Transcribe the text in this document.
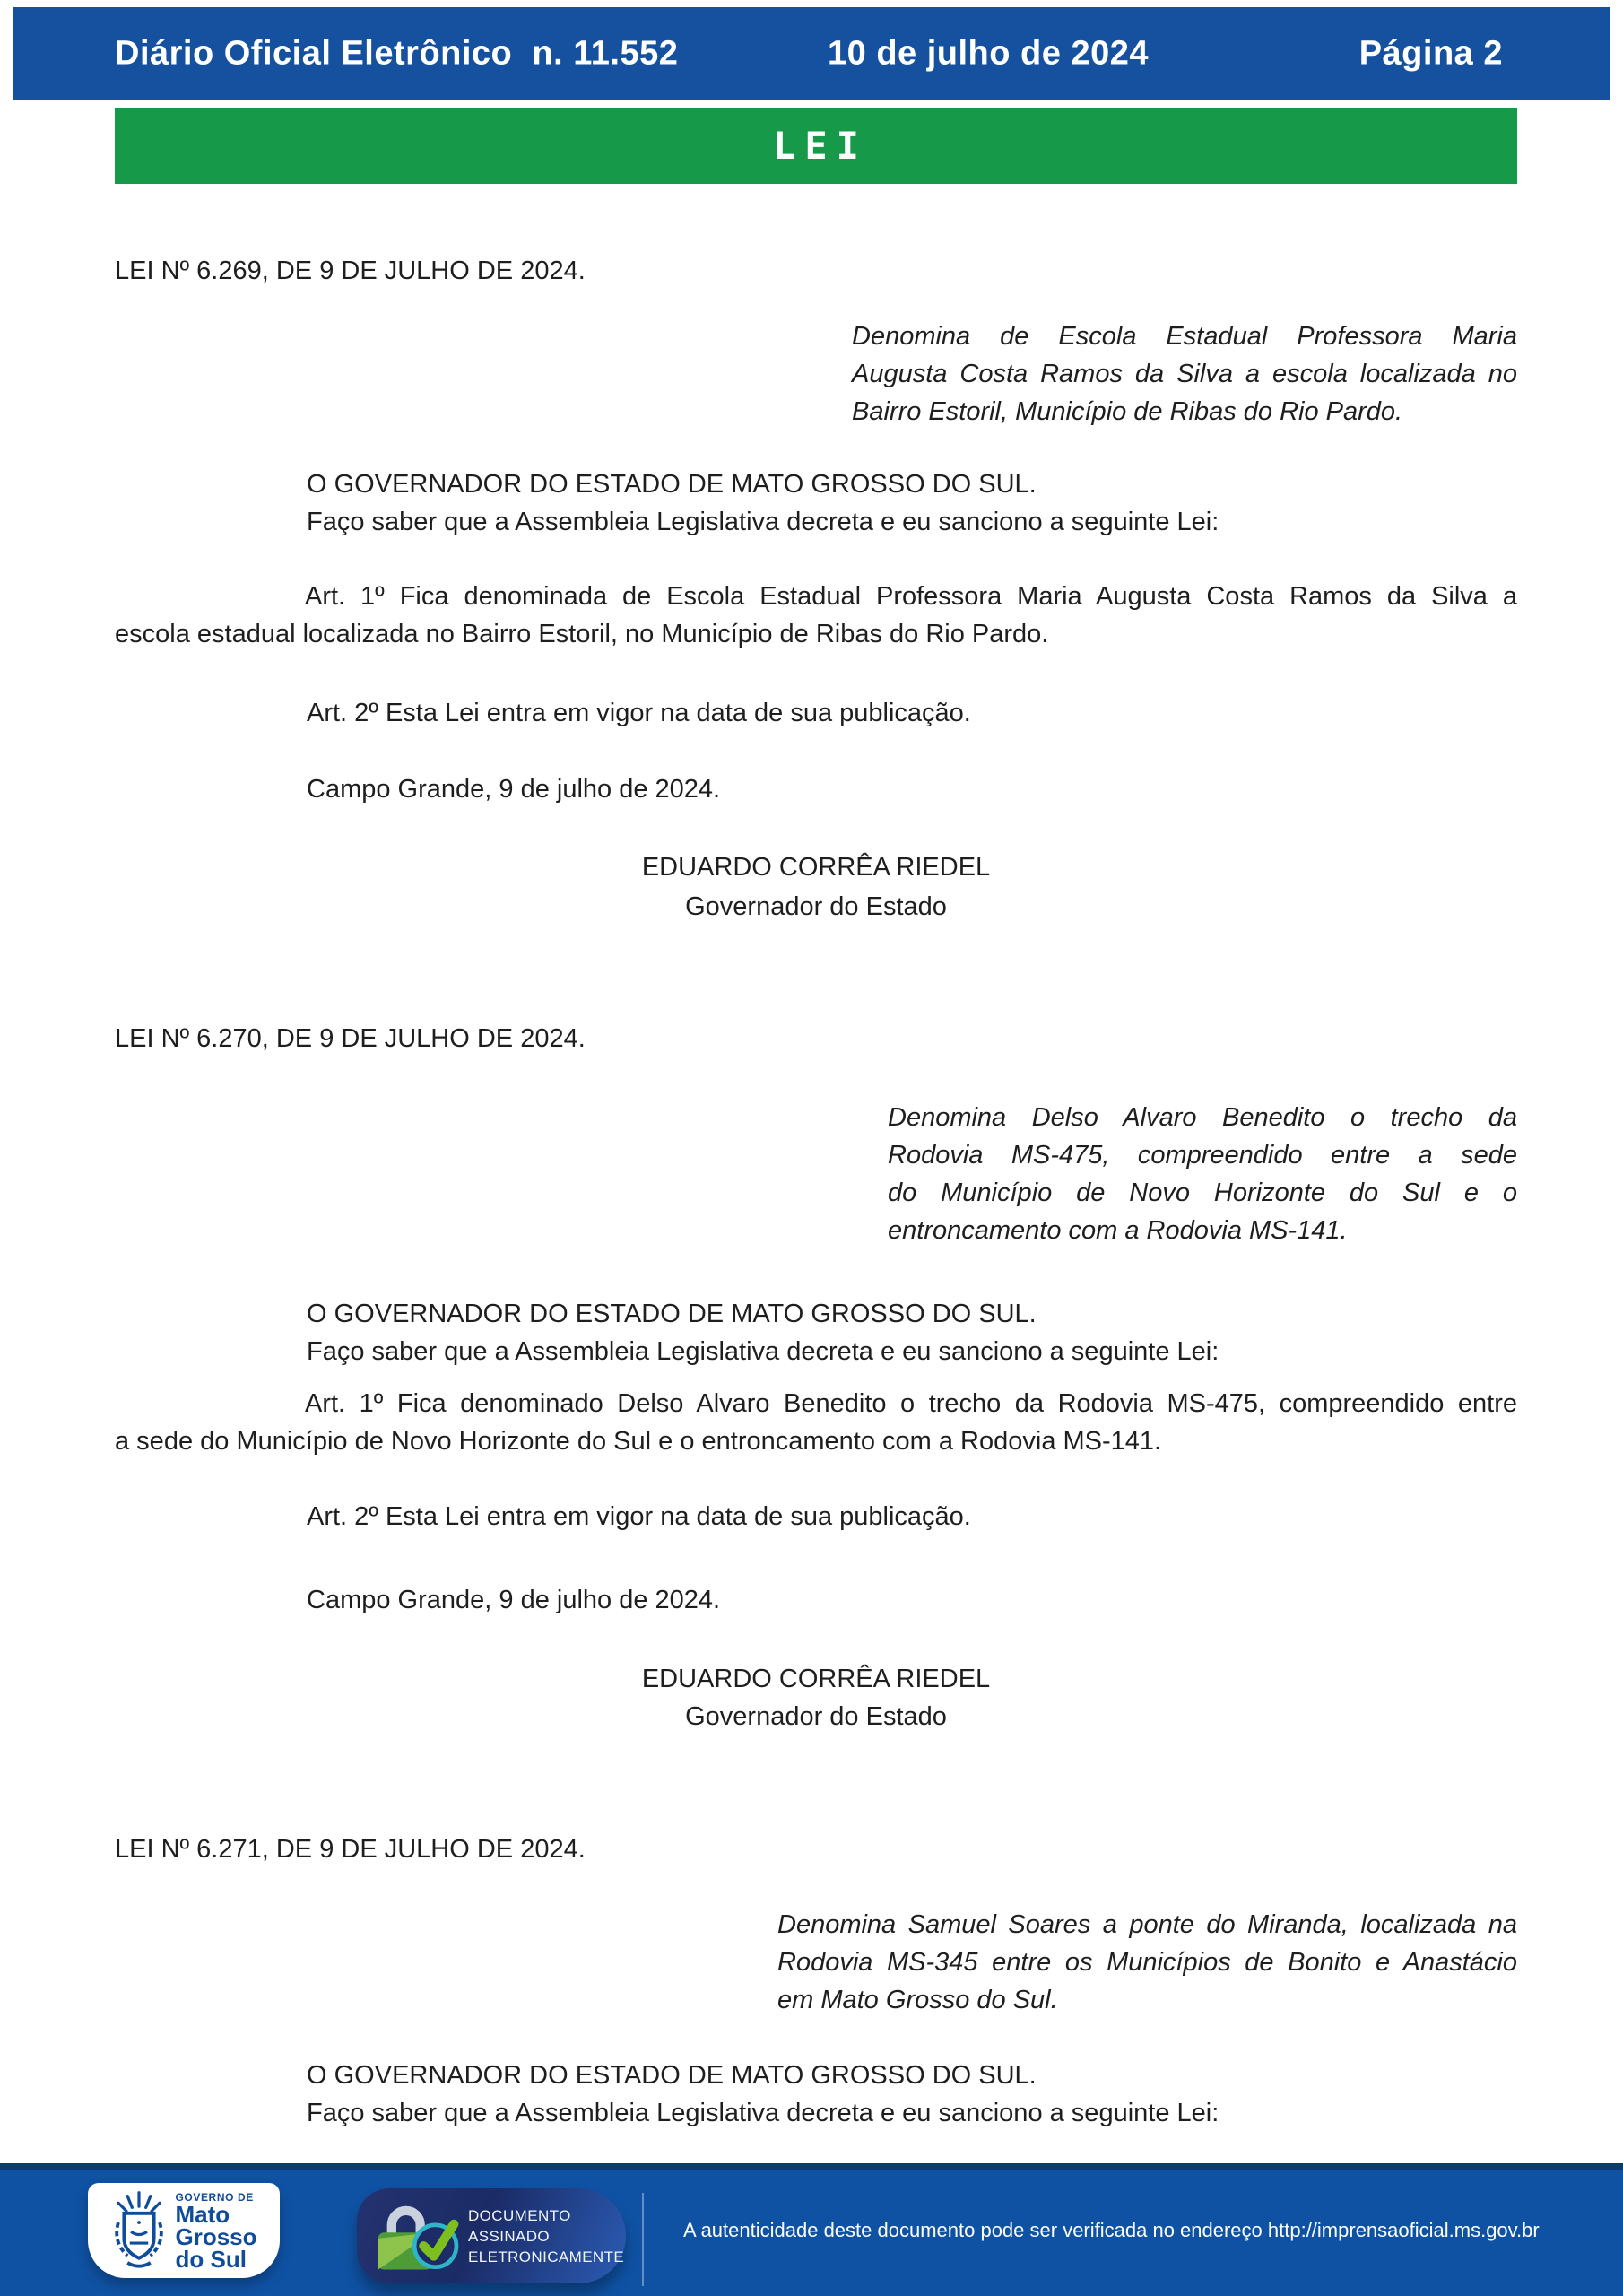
Diário Oficial Eletrônico n. 11.552	10 de julho de 2024	Página 2
LEI
LEI Nº 6.269, DE 9 DE JULHO DE 2024.
Denomina de Escola Estadual Professora Maria
Augusta Costa Ramos da Silva a escola localizada no
Bairro Estoril, Município de Ribas do Rio Pardo.
O GOVERNADOR DO ESTADO DE MATO GROSSO DO SUL.
Faço saber que a Assembleia Legislativa decreta e eu sanciono a seguinte Lei:
Art. 1º Fica denominada de Escola Estadual Professora Maria Augusta Costa Ramos da Silva a
escola estadual localizada no Bairro Estoril, no Município de Ribas do Rio Pardo.
Art. 2º Esta Lei entra em vigor na data de sua publicação.
Campo Grande, 9 de julho de 2024.
EDUARDO CORRÊA RIEDEL
Governador do Estado
LEI Nº 6.270, DE 9 DE JULHO DE 2024.
Denomina Delso Alvaro Benedito o trecho da
Rodovia MS-475, compreendido entre a sede
do Município de Novo Horizonte do Sul e o
entroncamento com a Rodovia MS-141.
O GOVERNADOR DO ESTADO DE MATO GROSSO DO SUL.
Faço saber que a Assembleia Legislativa decreta e eu sanciono a seguinte Lei:
Art. 1º Fica denominado Delso Alvaro Benedito o trecho da Rodovia MS-475, compreendido entre
a sede do Município de Novo Horizonte do Sul e o entroncamento com a Rodovia MS-141.
Art. 2º Esta Lei entra em vigor na data de sua publicação.
Campo Grande, 9 de julho de 2024.
EDUARDO CORRÊA RIEDEL
Governador do Estado
LEI Nº 6.271, DE 9 DE JULHO DE 2024.
Denomina Samuel Soares a ponte do Miranda, localizada na
Rodovia MS-345 entre os Municípios de Bonito e Anastácio
em Mato Grosso do Sul.
O GOVERNADOR DO ESTADO DE MATO GROSSO DO SUL.
Faço saber que a Assembleia Legislativa decreta e eu sanciono a seguinte Lei:
GOVERNO DE
Mato
Grosso
do Sul
DOCUMENTO
ASSINADO
ELETRONICAMENTE
A autenticidade deste documento pode ser verificada no endereço http://imprensaoficial.ms.gov.br
